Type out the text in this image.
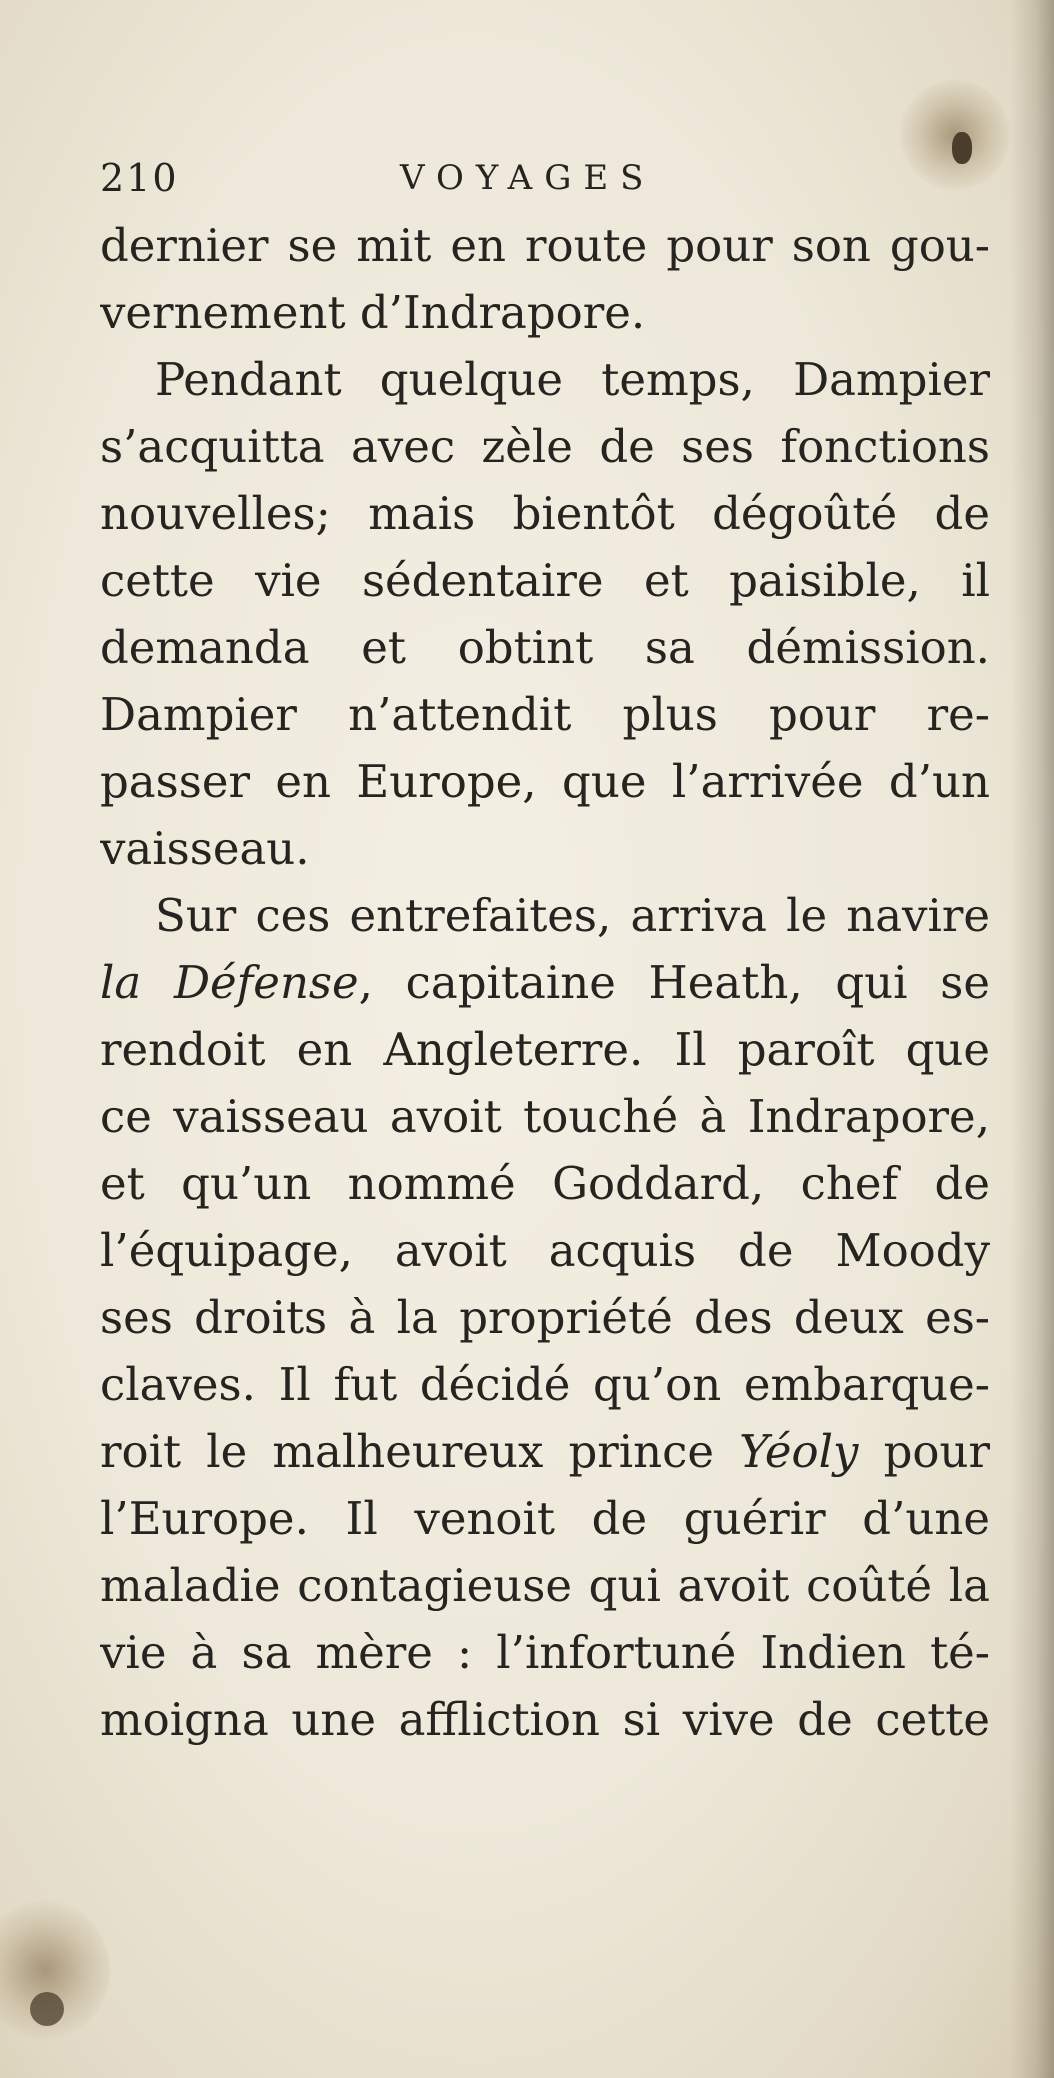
210	VOYAGES
dernier se mit en route pour son gou-
vernement d’Indrapore.
Pendant quelque temps, Dampier
s’acquitta avec zèle de ses fonctions
nouvelles; mais bientôt dégoûté de
cette vie sédentaire et paisible, il
demanda et obtint sa démission.
Dampier n’attendit plus pour re-
passer en Europe, que l’arrivée d’un
vaisseau.
Sur ces entrefaites, arriva le navire
la Défense, capitaine Heath, qui se
rendoit en Angleterre. Il paroît que
ce vaisseau avoit touché à Indrapore,
et qu’un nommé Goddard, chef de
l’équipage, avoit acquis de Moody
ses droits à la propriété des deux es-
claves. Il fut décidé qu’on embarque-
roit le malheureux prince Yéoly pour
l’Europe. Il venoit de guérir d’une
maladie contagieuse qui avoit coûté la
vie à sa mère : l’infortuné Indien té-
moigna une affliction si vive de cette
